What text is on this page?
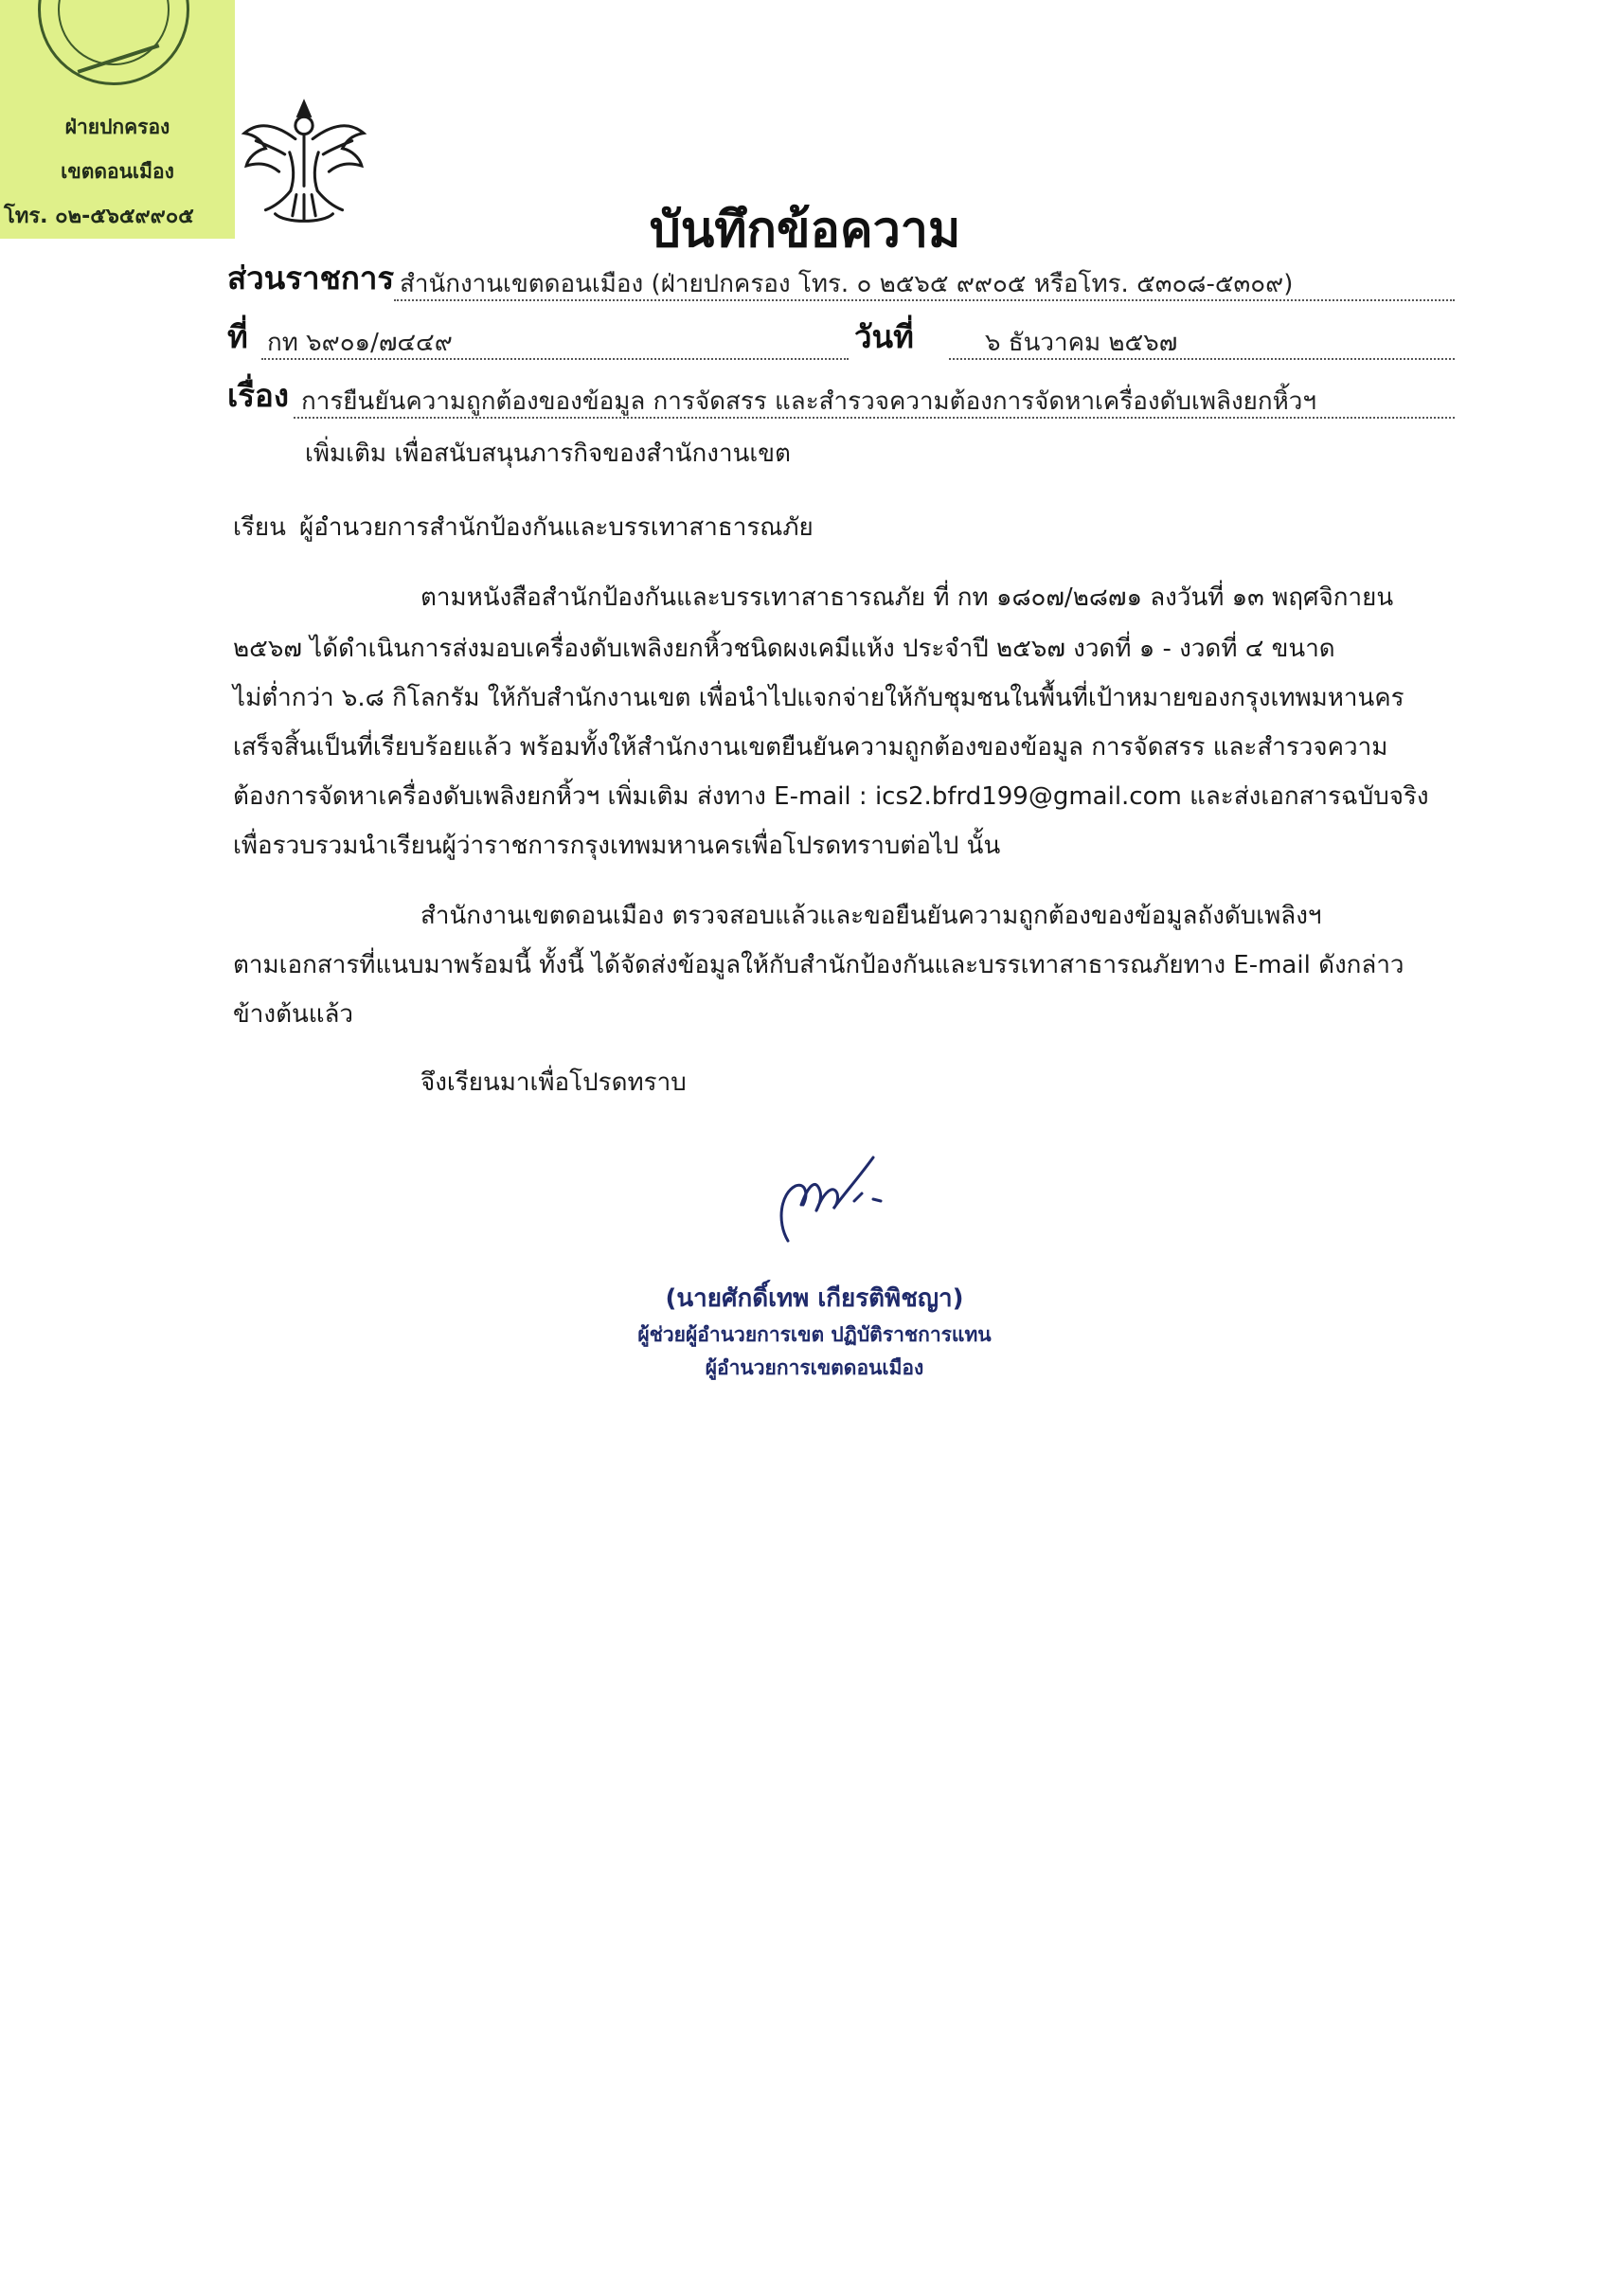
ฝ่ายปกครอง
เขตดอนเมือง
โทร. ๐๒-๕๖๕๙๙๐๕	บันทึกข้อความ
ส่วนราชการ สำนักงานเขตดอนเมือง (ฝ่ายปกครอง โทร. ๐ ๒๕๖๕ ๙๙๐๕ หรือโทร. ๕๓๐๘-๕๓๐๙)
ที่ กท ๖๙๐๑/๗๔๔๙	วันที่	๖ ธันวาคม ๒๕๖๗
เรื่อง การยืนยันความถูกต้องของข้อมูล การจัดสรร และสำรวจความต้องการจัดหาเครื่องดับเพลิงยกหิ้วฯ
เพิ่มเติม เพื่อสนับสนุนภารกิจของสำนักงานเขต
เรียน ผู้อำนวยการสำนักป้องกันและบรรเทาสาธารณภัย
ตามหนังสือสำนักป้องกันและบรรเทาสาธารณภัย ที่ กท ๑๘๐๗/๒๘๗๑ ลงวันที่ ๑๓ พฤศจิกายน
๒๕๖๗ ได้ดำเนินการส่งมอบเครื่องดับเพลิงยกหิ้วชนิดผงเคมีแห้ง ประจำปี ๒๕๖๗ งวดที่ ๑ - งวดที่ ๔ ขนาด
ไม่ต่ำกว่า ๖.๘ กิโลกรัม ให้กับสำนักงานเขต เพื่อนำไปแจกจ่ายให้กับชุมชนในพื้นที่เป้าหมายของกรุงเทพมหานคร
เสร็จสิ้นเป็นที่เรียบร้อยแล้ว พร้อมทั้งให้สำนักงานเขตยืนยันความถูกต้องของข้อมูล การจัดสรร และสำรวจความ
ต้องการจัดหาเครื่องดับเพลิงยกหิ้วฯ เพิ่มเติม ส่งทาง E-mail : ics2.bfrd199@gmail.com และส่งเอกสารฉบับจริง
เพื่อรวบรวมนำเรียนผู้ว่าราชการกรุงเทพมหานครเพื่อโปรดทราบต่อไป นั้น
สำนักงานเขตดอนเมือง ตรวจสอบแล้วและขอยืนยันความถูกต้องของข้อมูลถังดับเพลิงฯ
ตามเอกสารที่แนบมาพร้อมนี้ ทั้งนี้ ได้จัดส่งข้อมูลให้กับสำนักป้องกันและบรรเทาสาธารณภัยทาง E-mail ดังกล่าว
ข้างต้นแล้ว
จึงเรียนมาเพื่อโปรดทราบ
(นายศักดิ์เทพ เกียรติพิชญา)
ผู้ช่วยผู้อำนวยการเขต ปฏิบัติราชการแทน
ผู้อำนวยการเขตดอนเมือง
